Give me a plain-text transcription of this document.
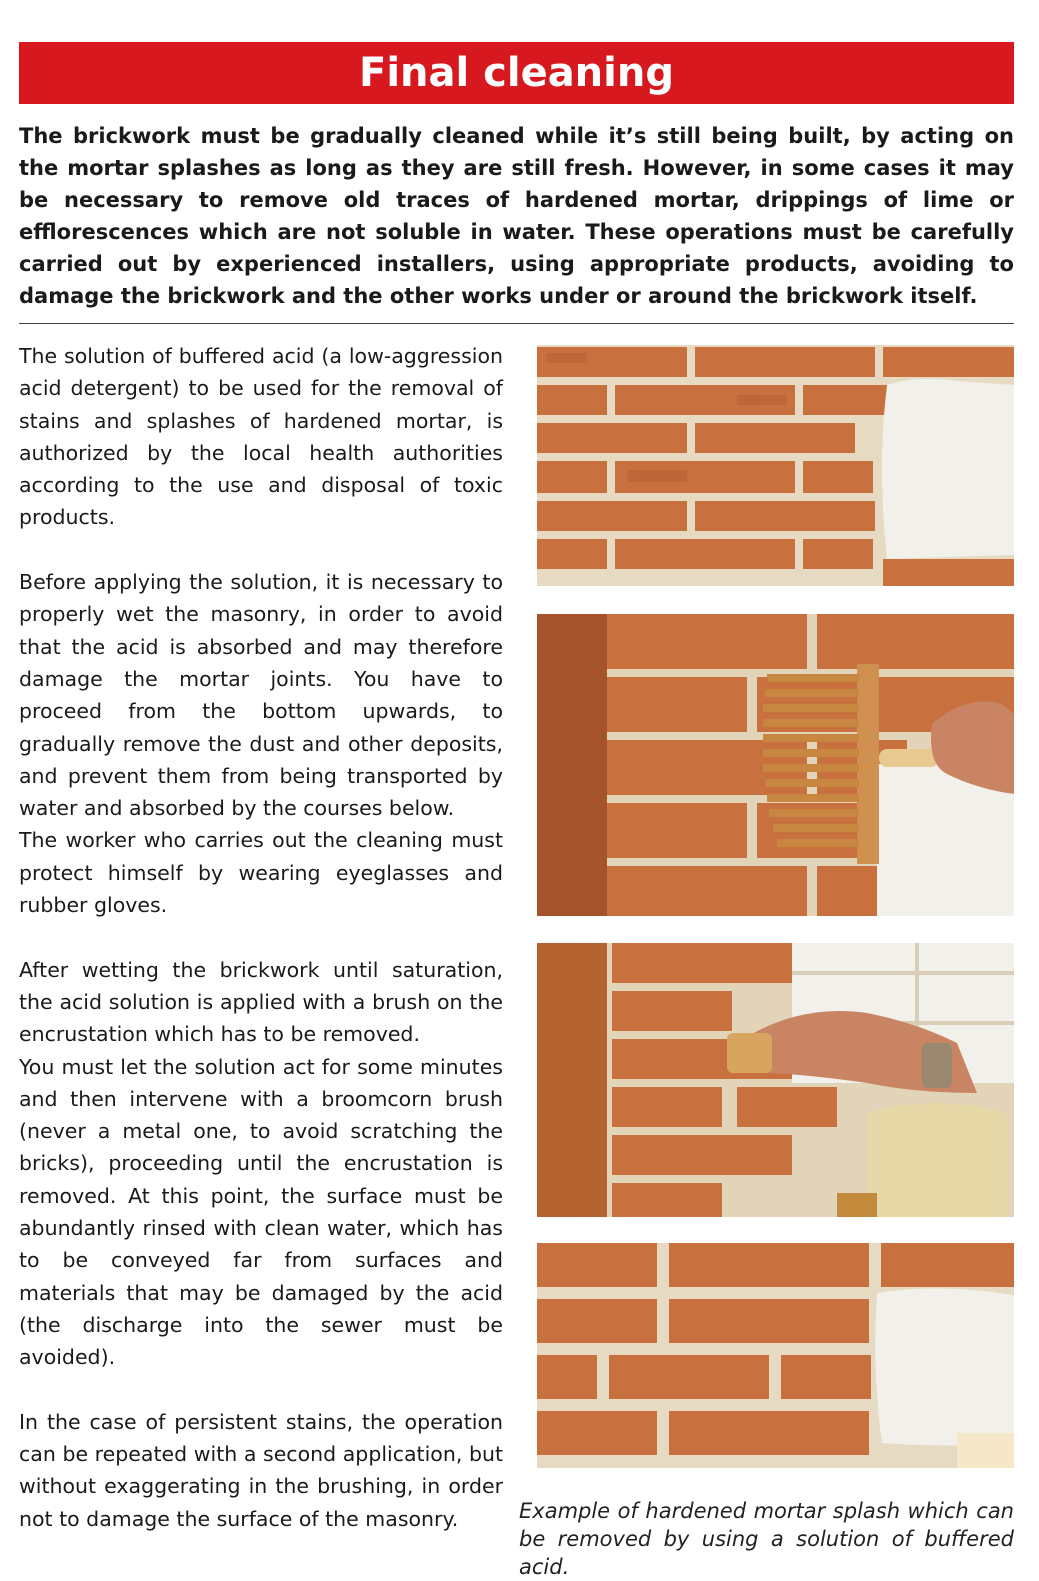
Final cleaning

The brickwork must be gradually cleaned while it’s still being built, by acting on the mortar splashes as long as they are still fresh. However, in some cases it may be necessary to remove old traces of hardened mortar, drippings of lime or efflorescences which are not soluble in water. These operations must be carefully carried out by experienced installers, using appropriate products, avoiding to damage the brickwork and the other works under or around the brickwork itself.

The solution of buffered acid (a low-aggression acid detergent) to be used for the removal of stains and splashes of hardened mortar, is authorized by the local health authorities according to the use and disposal of toxic products.

Before applying the solution, it is necessary to properly wet the masonry, in order to avoid that the acid is absorbed and may therefore damage the mortar joints. You have to proceed from the bottom upwards, to gradually remove the dust and other deposits, and prevent them from being transported by water and absorbed by the courses below.

The worker who carries out the cleaning must protect himself by wearing eyeglasses and rubber gloves.

After wetting the brickwork until saturation, the acid solution is applied with a brush on the encrustation which has to be removed.

You must let the solution act for some minutes and then intervene with a broomcorn brush (never a metal one, to avoid scratching the bricks), proceeding until the encrustation is removed. At this point, the surface must be abundantly rinsed with clean water, which has to be conveyed far from surfaces and materials that may be damaged by the acid (the discharge into the sewer must be avoided).

In the case of persistent stains, the operation can be repeated with a second application, but without exaggerating in the brushing, in order not to damage the surface of the masonry.	Example of hardened mortar splash which can be removed by using a solution of buffered acid.
